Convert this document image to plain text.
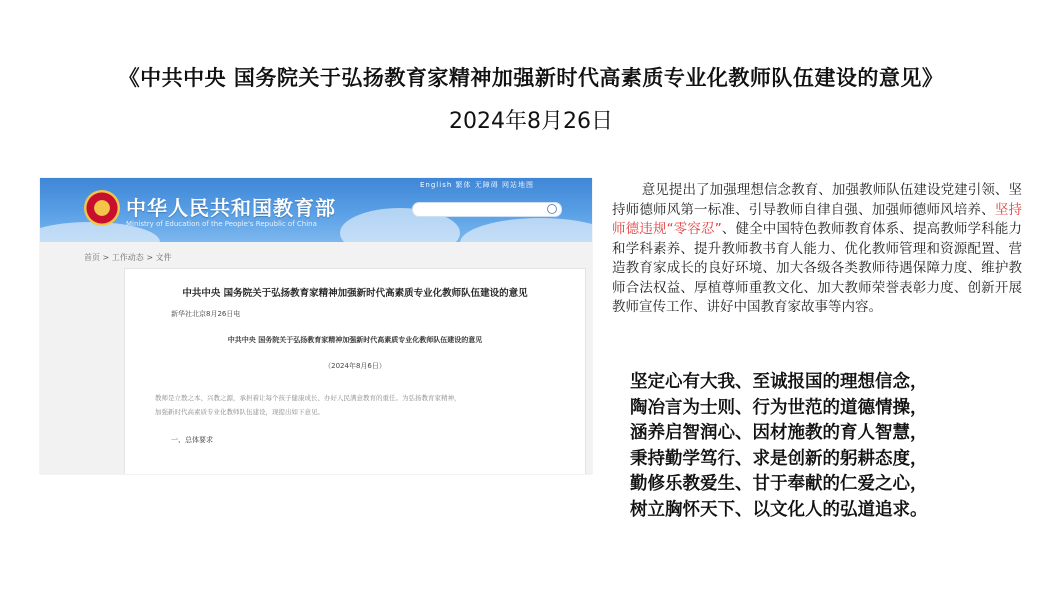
《中共中央 国务院关于弘扬教育家精神加强新时代高素质专业化教师队伍建设的意见》
2024年8月26日
中华人民共和国教育部
Ministry of Education of the People's Republic of China
English 繁体 无障碍 网站地图
首页 > 工作动态 > 文件
中共中央 国务院关于弘扬教育家精神加强新时代高素质专业化教师队伍建设的意见
新华社北京8月26日电
中共中央 国务院关于弘扬教育家精神加强新时代高素质专业化教师队伍建设的意见
（2024年8月6日）
教师是立教之本、兴教之源，承担着让每个孩子健康成长、办好人民满意教育的重任。为弘扬教育家精神，
加强新时代高素质专业化教师队伍建设，现提出如下意见。
一、总体要求
意见提出了加强理想信念教育、加强教师队伍建设党建引领、坚持师德师风第一标准、引导教师自律自强、加强师德师风培养、坚持师德违规“零容忍”、健全中国特色教师教育体系、提高教师学科能力和学科素养、提升教师教书育人能力、优化教师管理和资源配置、营造教育家成长的良好环境、加大各级各类教师待遇保障力度、维护教师合法权益、厚植尊师重教文化、加大教师荣誉表彰力度、创新开展教师宣传工作、讲好中国教育家故事等内容。
坚定心有大我、至诚报国的理想信念，
陶冶言为士则、行为世范的道德情操，
涵养启智润心、因材施教的育人智慧，
秉持勤学笃行、求是创新的躬耕态度，
勤修乐教爱生、甘于奉献的仁爱之心，
树立胸怀天下、以文化人的弘道追求。
